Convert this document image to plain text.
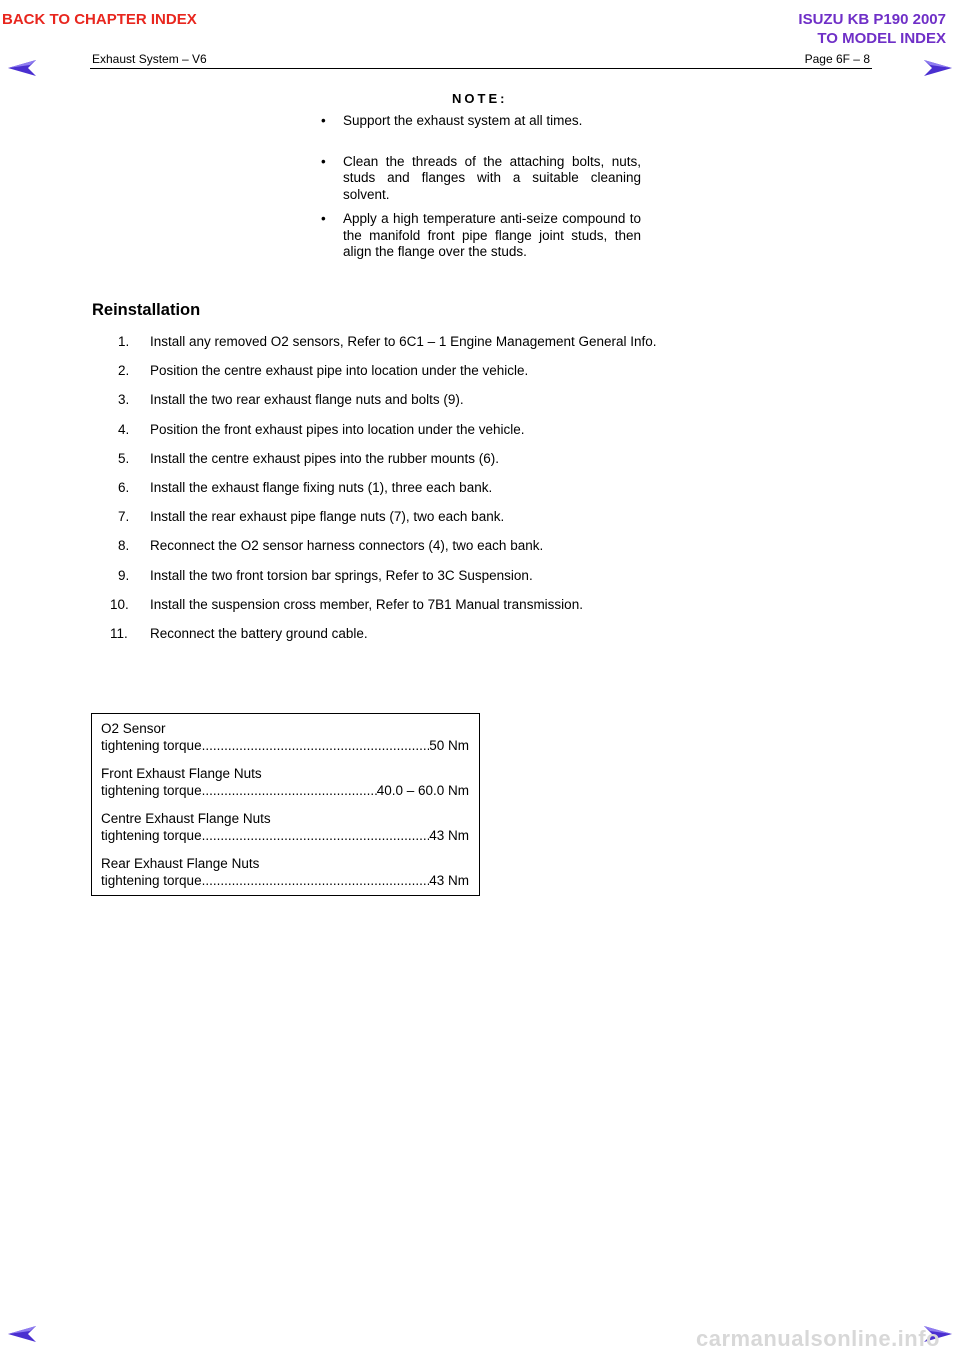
BACK TO CHAPTER INDEX	ISUZU KB P190 2007
TO MODEL INDEX
Exhaust System – V6	Page 6F – 8
NOTE:
• Support the exhaust system at all times.
• Clean the threads of the attaching bolts, nuts, studs and flanges with a suitable cleaning solvent.
• Apply a high temperature anti-seize compound to the manifold front pipe flange joint studs, then align the flange over the studs.
Reinstallation
1.	Install any removed O2 sensors, Refer to 6C1 – 1 Engine Management General Info.
2.	Position the centre exhaust pipe into location under the vehicle.
3.	Install the two rear exhaust flange nuts and bolts (9).
4.	Position the front exhaust pipes into location under the vehicle.
5.	Install the centre exhaust pipes into the rubber mounts (6).
6.	Install the exhaust flange fixing nuts (1), three each bank.
7.	Install the rear exhaust pipe flange nuts (7), two each bank.
8.	Reconnect the O2 sensor harness connectors (4), two each bank.
9.	Install the two front torsion bar springs, Refer to 3C Suspension.
10.	Install the suspension cross member, Refer to 7B1 Manual transmission.
11.	Reconnect the battery ground cable.
O2 Sensor
tightening torque .....	50 Nm
Front Exhaust Flange Nuts
tightening torque .....	40.0 – 60.0 Nm
Centre Exhaust Flange Nuts
tightening torque .....	43 Nm
Rear Exhaust Flange Nuts
tightening torque .....	43 Nm
carmanualsonline.info
